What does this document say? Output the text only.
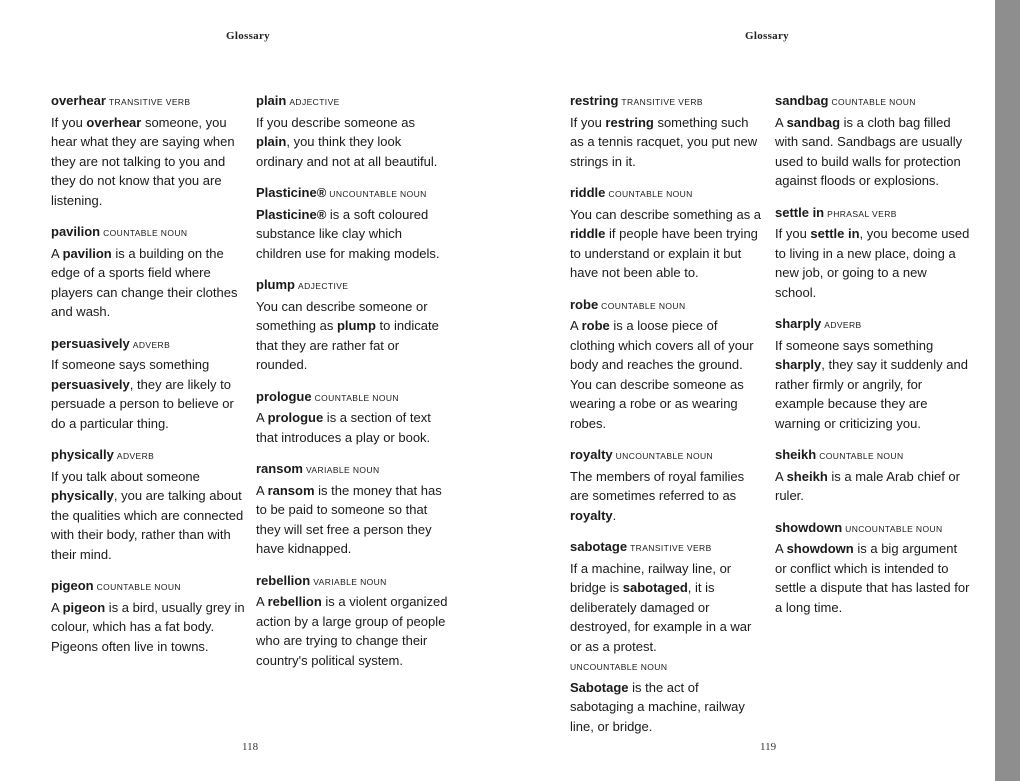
Glossary	Glossary
overhear TRANSITIVE VERB
If you overhear someone, you hear what they are saying when they are not talking to you and they do not know that you are listening.
pavilion COUNTABLE NOUN
A pavilion is a building on the edge of a sports field where players can change their clothes and wash.
persuasively ADVERB
If someone says something persuasively, they are likely to persuade a person to believe or do a particular thing.
physically ADVERB
If you talk about someone physically, you are talking about the qualities which are connected with their body, rather than with their mind.
pigeon COUNTABLE NOUN
A pigeon is a bird, usually grey in colour, which has a fat body. Pigeons often live in towns.
plain ADJECTIVE
If you describe someone as plain, you think they look ordinary and not at all beautiful.
Plasticine® UNCOUNTABLE NOUN
Plasticine® is a soft coloured substance like clay which children use for making models.
plump ADJECTIVE
You can describe someone or something as plump to indicate that they are rather fat or rounded.
prologue COUNTABLE NOUN
A prologue is a section of text that introduces a play or book.
ransom VARIABLE NOUN
A ransom is the money that has to be paid to someone so that they will set free a person they have kidnapped.
rebellion VARIABLE NOUN
A rebellion is a violent organized action by a large group of people who are trying to change their country's political system.
restring TRANSITIVE VERB
If you restring something such as a tennis racquet, you put new strings in it.
riddle COUNTABLE NOUN
You can describe something as a riddle if people have been trying to understand or explain it but have not been able to.
robe COUNTABLE NOUN
A robe is a loose piece of clothing which covers all of your body and reaches the ground. You can describe someone as wearing a robe or as wearing robes.
royalty UNCOUNTABLE NOUN
The members of royal families are sometimes referred to as royalty.
sabotage TRANSITIVE VERB
If a machine, railway line, or bridge is sabotaged, it is deliberately damaged or destroyed, for example in a war or as a protest.
UNCOUNTABLE NOUN
Sabotage is the act of sabotaging a machine, railway line, or bridge.
sandbag COUNTABLE NOUN
A sandbag is a cloth bag filled with sand. Sandbags are usually used to build walls for protection against floods or explosions.
settle in PHRASAL VERB
If you settle in, you become used to living in a new place, doing a new job, or going to a new school.
sharply ADVERB
If someone says something sharply, they say it suddenly and rather firmly or angrily, for example because they are warning or criticizing you.
sheikh COUNTABLE NOUN
A sheikh is a male Arab chief or ruler.
showdown UNCOUNTABLE NOUN
A showdown is a big argument or conflict which is intended to settle a dispute that has lasted for a long time.
118	119
